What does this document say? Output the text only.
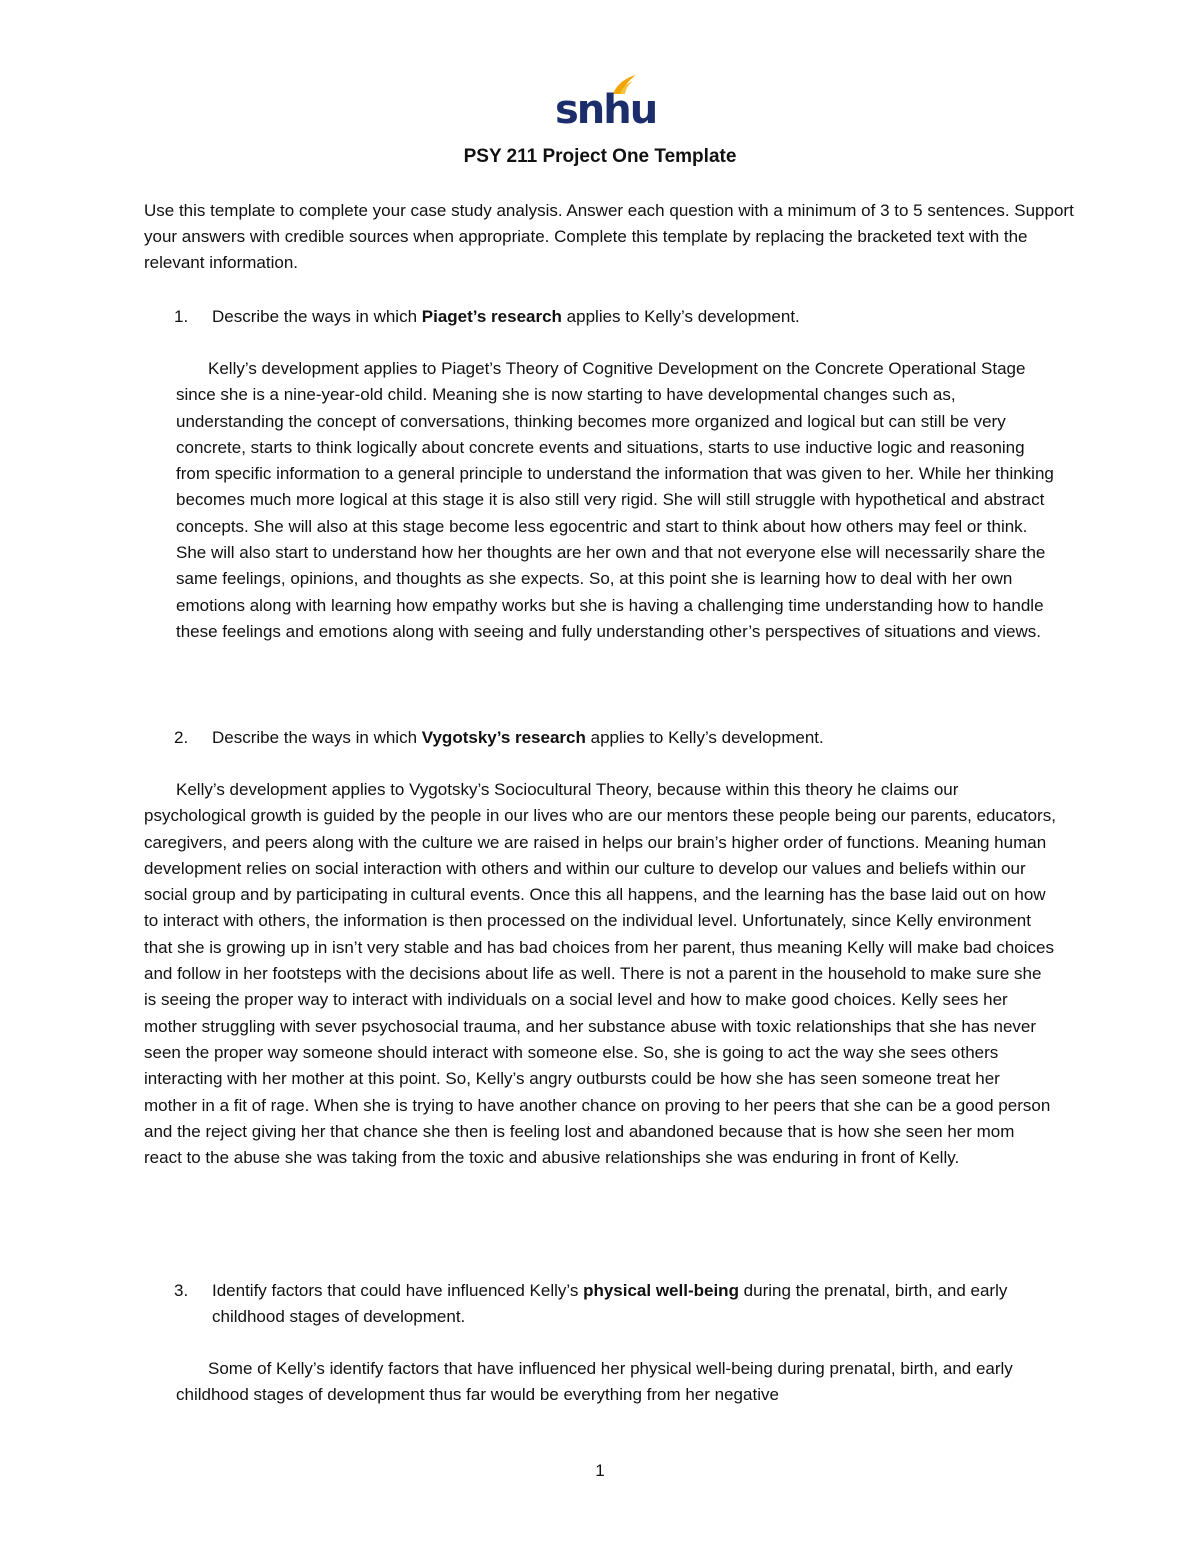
snhu
PSY 211 Project One Template
Use this template to complete your case study analysis. Answer each question with a minimum of 3 to 5 sentences. Support your answers with credible sources when appropriate. Complete this template by replacing the bracketed text with the relevant information.
1. Describe the ways in which Piaget’s research applies to Kelly’s development.
Kelly’s development applies to Piaget’s Theory of Cognitive Development on the Concrete Operational Stage since she is a nine-year-old child. Meaning she is now starting to have developmental changes such as, understanding the concept of conversations, thinking becomes more organized and logical but can still be very concrete, starts to think logically about concrete events and situations, starts to use inductive logic and reasoning from specific information to a general principle to understand the information that was given to her. While her thinking becomes much more logical at this stage it is also still very rigid. She will still struggle with hypothetical and abstract concepts. She will also at this stage become less egocentric and start to think about how others may feel or think. She will also start to understand how her thoughts are her own and that not everyone else will necessarily share the same feelings, opinions, and thoughts as she expects. So, at this point she is learning how to deal with her own emotions along with learning how empathy works but she is having a challenging time understanding how to handle these feelings and emotions along with seeing and fully understanding other’s perspectives of situations and views.
2. Describe the ways in which Vygotsky’s research applies to Kelly’s development.
Kelly’s development applies to Vygotsky’s Sociocultural Theory, because within this theory he claims our psychological growth is guided by the people in our lives who are our mentors these people being our parents, educators, caregivers, and peers along with the culture we are raised in helps our brain’s higher order of functions. Meaning human development relies on social interaction with others and within our culture to develop our values and beliefs within our social group and by participating in cultural events. Once this all happens, and the learning has the base laid out on how to interact with others, the information is then processed on the individual level. Unfortunately, since Kelly environment that she is growing up in isn’t very stable and has bad choices from her parent, thus meaning Kelly will make bad choices and follow in her footsteps with the decisions about life as well. There is not a parent in the household to make sure she is seeing the proper way to interact with individuals on a social level and how to make good choices. Kelly sees her mother struggling with sever psychosocial trauma, and her substance abuse with toxic relationships that she has never seen the proper way someone should interact with someone else. So, she is going to act the way she sees others interacting with her mother at this point. So, Kelly’s angry outbursts could be how she has seen someone treat her mother in a fit of rage. When she is trying to have another chance on proving to her peers that she can be a good person and the reject giving her that chance she then is feeling lost and abandoned because that is how she seen her mom react to the abuse she was taking from the toxic and abusive relationships she was enduring in front of Kelly.
3. Identify factors that could have influenced Kelly’s physical well-being during the prenatal, birth, and early childhood stages of development.
Some of Kelly’s identify factors that have influenced her physical well-being during prenatal, birth, and early childhood stages of development thus far would be everything from her negative
1
